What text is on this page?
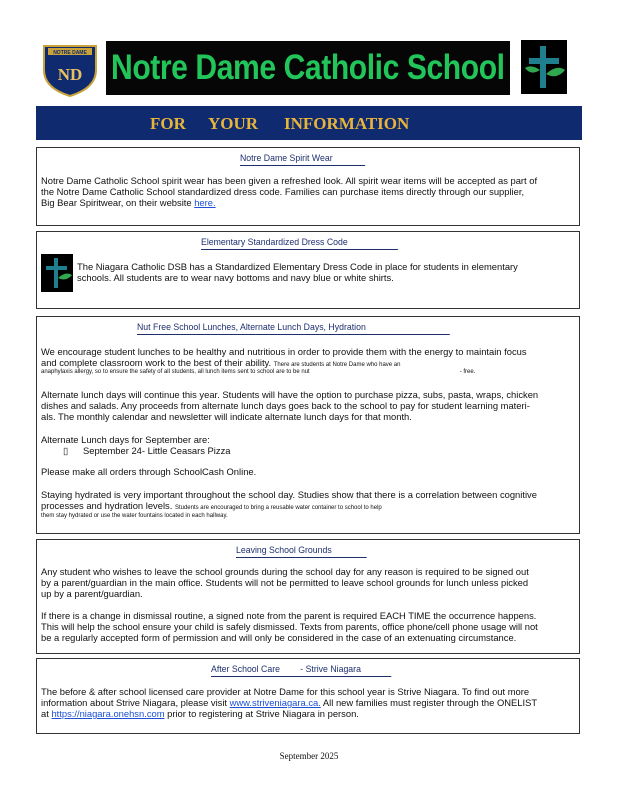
NOTRE DAME
ND Notre Dame Catholic School
FOR YOUR INFORMATION
Notre Dame Spirit Wear
Notre Dame Catholic School spirit wear has been given a refreshed look. All spirit wear items will be accepted as part of
the Notre Dame Catholic School standardized dress code. Families can purchase items directly through our supplier,
Big Bear Spiritwear, on their website here.
Elementary Standardized Dress Code
The Niagara Catholic DSB has a Standardized Elementary Dress Code in place for students in elementary
schools. All students are to wear navy bottoms and navy blue or white shirts.
Nut Free School Lunches, Alternate Lunch Days, Hydration
We encourage student lunches to be healthy and nutritious in order to provide them with the energy to maintain focus
and complete classroom work to the best of their ability. There are students at Notre Dame who have an
anaphylaxis allergy, so to ensure the safety of all students, all lunch items sent to school are to be nut	- free.
Alternate lunch days will continue this year. Students will have the option to purchase pizza, subs, pasta, wraps, chicken
dishes and salads. Any proceeds from alternate lunch days goes back to the school to pay for student learning materi-
als. The monthly calendar and newsletter will indicate alternate lunch days for that month.
Alternate Lunch days for September are:
▯ September 24- Little Ceasars Pizza
Please make all orders through SchoolCash Online.
Staying hydrated is very important throughout the school day. Studies show that there is a correlation between cognitive
processes and hydration levels. Students are encouraged to bring a reusable water container to school to help
them stay hydrated or use the water fountains located in each hallway.
Leaving School Grounds
Any student who wishes to leave the school grounds during the school day for any reason is required to be signed out
by a parent/guardian in the main office. Students will not be permitted to leave school grounds for lunch unless picked
up by a parent/guardian.
If there is a change in dismissal routine, a signed note from the parent is required EACH TIME the occurrence happens.
This will help the school ensure your child is safely dismissed. Texts from parents, office phone/cell phone usage will not
be a regularly accepted form of permission and will only be considered in the case of an extenuating circumstance.
After School Care - Strive Niagara
The before & after school licensed care provider at Notre Dame for this school year is Strive Niagara. To find out more
information about Strive Niagara, please visit www.striveniagara.ca. All new families must register through the ONELIST
at https://niagara.onehsn.com prior to registering at Strive Niagara in person.
September 2025
